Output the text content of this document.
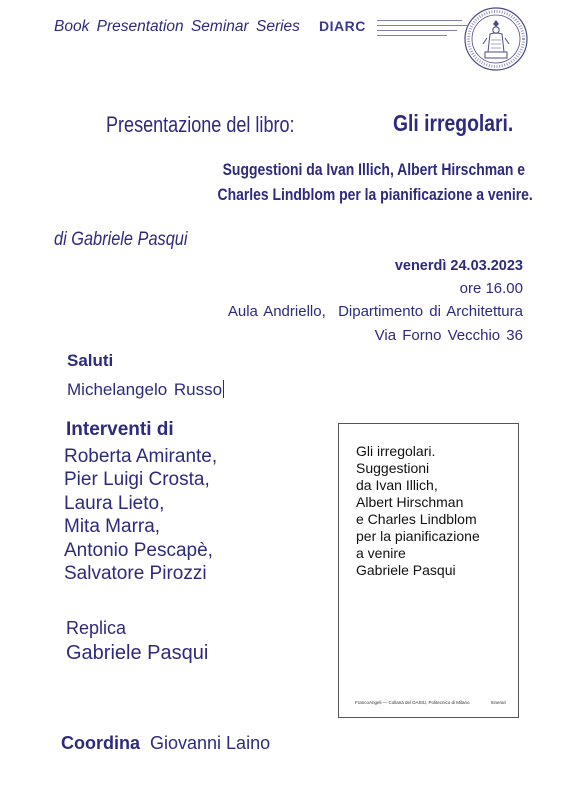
Book Presentation Seminar Series DIARC
Presentazione del libro:	Gli irregolari.
Suggestioni da Ivan Illich, Albert Hirschman e
Charles Lindblom per la pianificazione a venire.
di Gabriele Pasqui
venerdì 24.03.2023
ore 16.00
Aula Andriello,  Dipartimento di Architettura
Via Forno Vecchio 36
Saluti
Michelangelo Russo
Interventi di
Roberta Amirante,
Pier Luigi Crosta,
Laura Lieto,
Mita Marra,
Antonio Pescapè,
Salvatore Pirozzi
Replica
Gabriele Pasqui
Coordina Giovanni Laino
Gli irregolari.
Suggestioni
da Ivan Illich,
Albert Hirschman
e Charles Lindblom
per la pianificazione
a venire
Gabriele Pasqui
FrancoAngeli — Collana del DAStU, Politecnico di Milano	Itinerari
